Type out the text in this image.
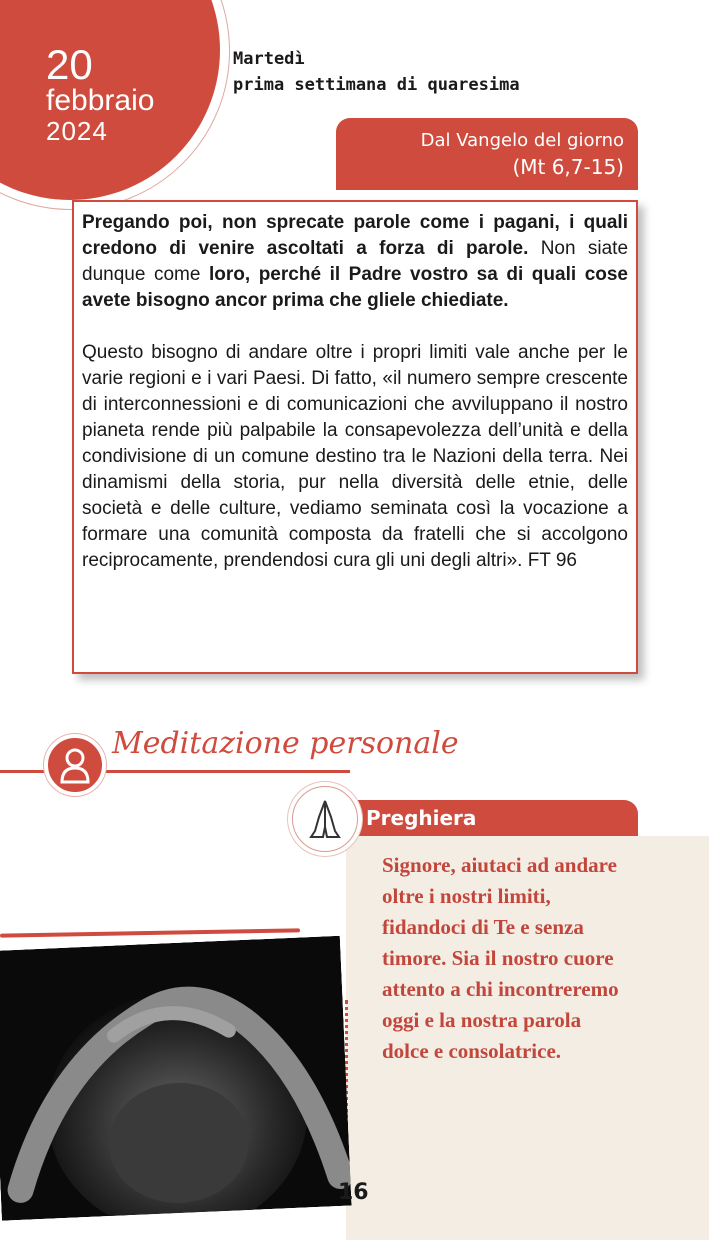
20
febbraio
2024
Martedì
prima settimana di quaresima
Dal Vangelo del giorno
(Mt 6,7-15)

Pregando poi, non sprecate parole come i pagani, i quali credono di venire ascoltati a forza di parole. Non siate dunque come loro, perché il Padre vostro sa di quali cose avete bisogno ancor prima che gliele chiediate.

Questo bisogno di andare oltre i propri limiti vale anche per le varie regioni e i vari Paesi. Di fatto, «il numero sempre crescente di interconnessioni e di comunicazioni che avviluppano il nostro pianeta rende più palpabile la consapevolezza dell’unità e della condivisione di un comune destino tra le Nazioni della terra. Nei dinamismi della storia, pur nella diversità delle etnie, delle società e delle culture, vediamo seminata così la vocazione a formare una comunità composta da fratelli che si accolgono reciprocamente, prendendosi cura gli uni degli altri». FT 96

Meditazione personale
Preghiera

Signore, aiutaci ad andare oltre i nostri limiti, fidandoci di Te e senza timore. Sia il nostro cuore attento a chi incontreremo oggi e la nostra parola dolce e consolatrice.

16
